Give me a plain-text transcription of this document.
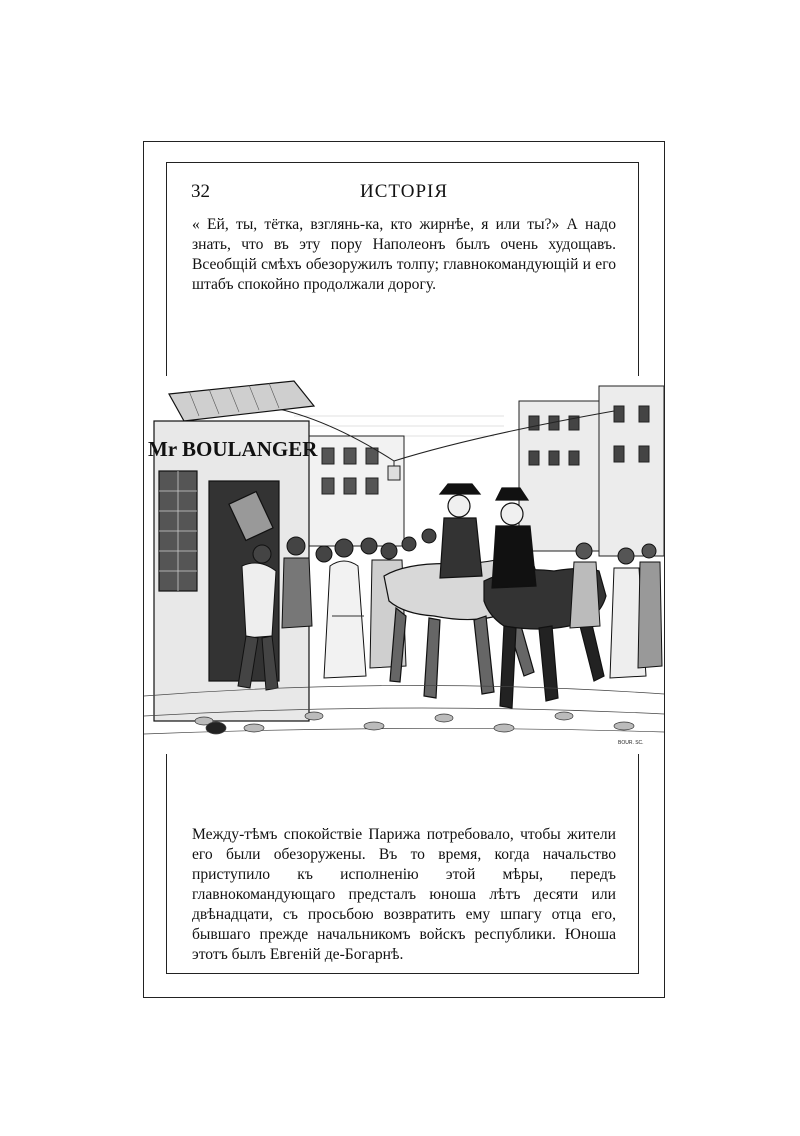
32	ИСТОРІЯ

« Ей, ты, тётка, взглянь-ка, кто жирнѣе, я или ты?» А надо знать, что въ эту пору Наполеонъ былъ очень худощавъ. Всеобщій смѣхъ обезоружилъ толпу; главнокомандующій и его штабъ спокойно продолжали дорогу.

Mr BOULANGER
BOUR. SC.

Между-тѣмъ спокойствіе Парижа потребовало, чтобы жители его были обезоружены. Въ то время, когда начальство приступило къ исполненію этой мѣры, передъ главнокомандующаго предсталъ юноша лѣтъ десяти или двѣнадцати, съ просьбою возвратить ему шпагу отца его, бывшаго прежде начальникомъ войскъ республики. Юноша этотъ былъ Евгеній де-Богарнѣ.
